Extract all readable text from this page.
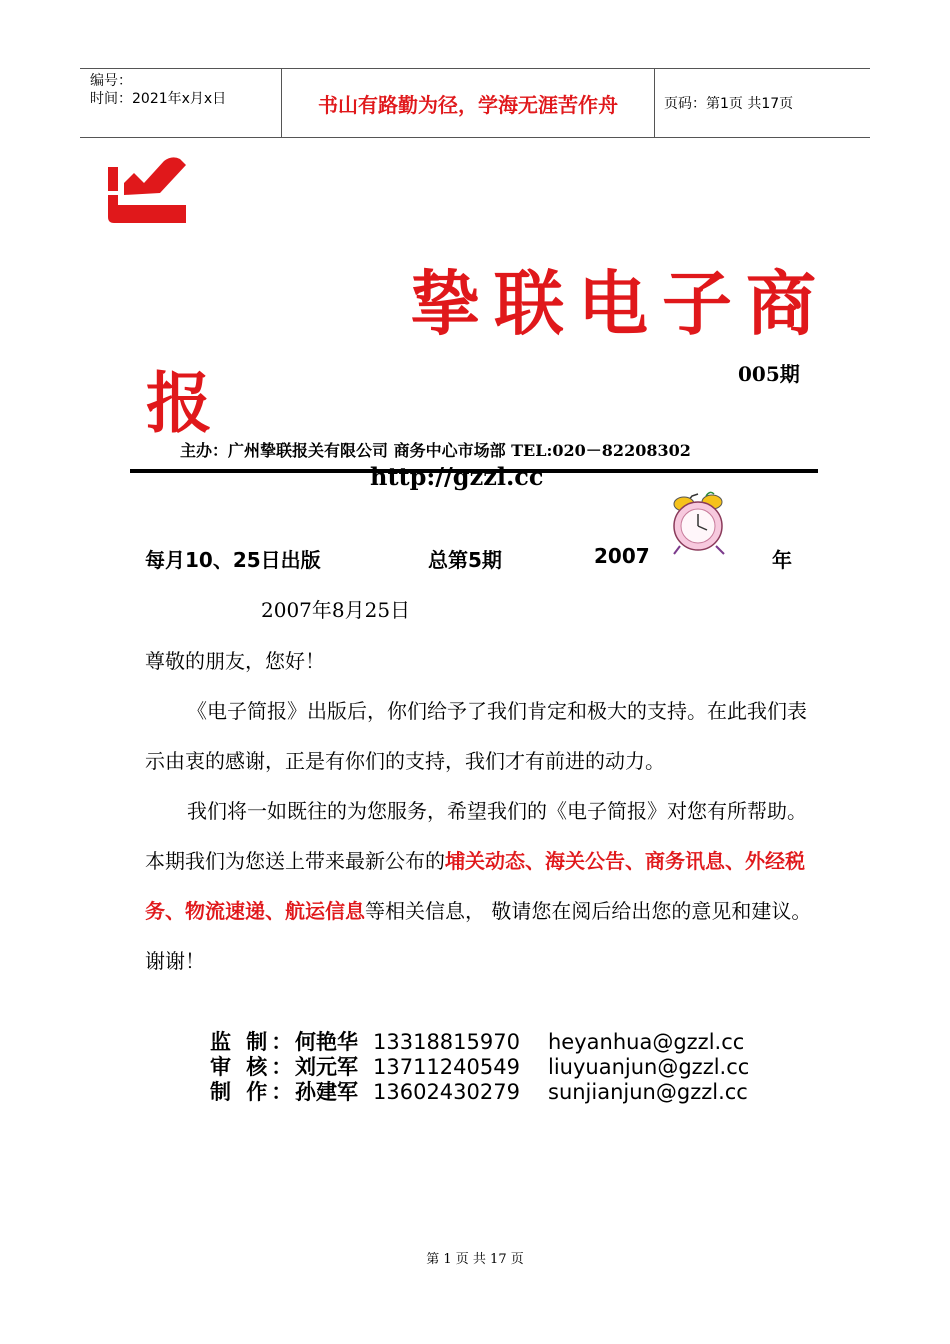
编号：
时间：2021年x月x日	书山有路勤为径，学海无涯苦作舟	页码：第1页 共17页
挚联电子商
报	005期
主办：广州挚联报关有限公司 商务中心市场部 TEL:020－82208302
http://gzzl.cc
每月10、25日出版	总第5期	2007	年
2007年8月25日

尊敬的朋友，您好！

《电子简报》出版后，你们给予了我们肯定和极大的支持。在此我们表示由衷的感谢，正是有你们的支持，我们才有前进的动力。

我们将一如既往的为您服务，希望我们的《电子简报》对您有所帮助。本期我们为您送上带来最新公布的埔关动态、海关公告、商务讯息、外经税务、物流速递、航运信息等相关信息， 敬请您在阅后给出您的意见和建议。谢谢！

监 制：何艳华 13318815970 heyanhua@gzzl.cc
审 核：刘元军 13711240549 liuyuanjun@gzzl.cc
制 作：孙建军 13602430279 sunjianjun@gzzl.cc
第 1 页 共 17 页
